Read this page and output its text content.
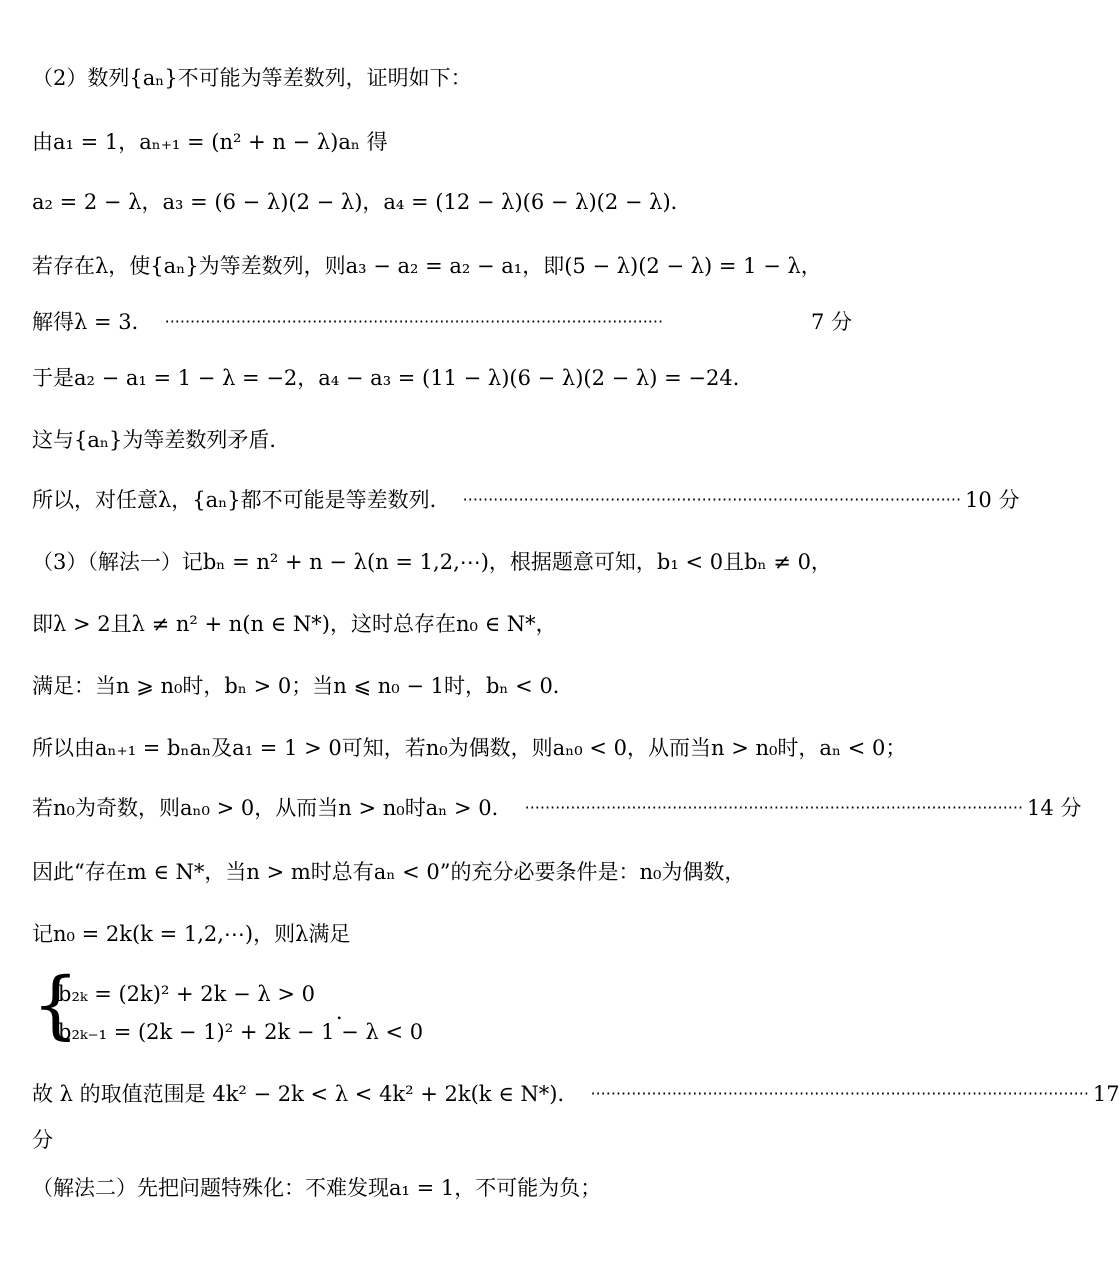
（2）数列{aₙ}不可能为等差数列，证明如下：
由a₁ = 1，aₙ₊₁ = (n² + n − λ)aₙ 得
a₂ = 2 − λ，a₃ = (6 − λ)(2 − λ)，a₄ = (12 − λ)(6 − λ)(2 − λ)．
若存在λ，使{aₙ}为等差数列，则a₃ − a₂ = a₂ − a₁，即(5 − λ)(2 − λ) = 1 − λ，
解得λ = 3． ··································································································	7 分
于是a₂ − a₁ = 1 − λ = −2，a₄ − a₃ = (11 − λ)(6 − λ)(2 − λ) = −24．
这与{aₙ}为等差数列矛盾．
所以，对任意λ，{aₙ}都不可能是等差数列． ·································································································· 10 分
（3）（解法一）记bₙ = n² + n − λ(n = 1,2,⋯)，根据题意可知，b₁ < 0且bₙ ≠ 0，
即λ > 2且λ ≠ n² + n(n ∈ N*)，这时总存在n₀ ∈ N*，
满足：当n ⩾ n₀时，bₙ > 0；当n ⩽ n₀ − 1时，bₙ < 0．
所以由aₙ₊₁ = bₙaₙ及a₁ = 1 > 0可知，若n₀为偶数，则aₙ₀ < 0，从而当n > n₀时，aₙ < 0；
若n₀为奇数，则aₙ₀ > 0，从而当n > n₀时aₙ > 0． ·································································································· 14 分
因此“存在m ∈ N*，当n > m时总有aₙ < 0”的充分必要条件是：n₀为偶数，
记n₀ = 2k(k = 1,2,⋯)，则λ满足
{
b₂ₖ = (2k)² + 2k − λ > 0
b₂ₖ₋₁ = (2k − 1)² + 2k − 1 − λ < 0
．
故 λ 的取值范围是 4k² − 2k < λ < 4k² + 2k(k ∈ N*)． ·································································································· 17
分
（解法二）先把问题特殊化：不难发现a₁ = 1，不可能为负；
